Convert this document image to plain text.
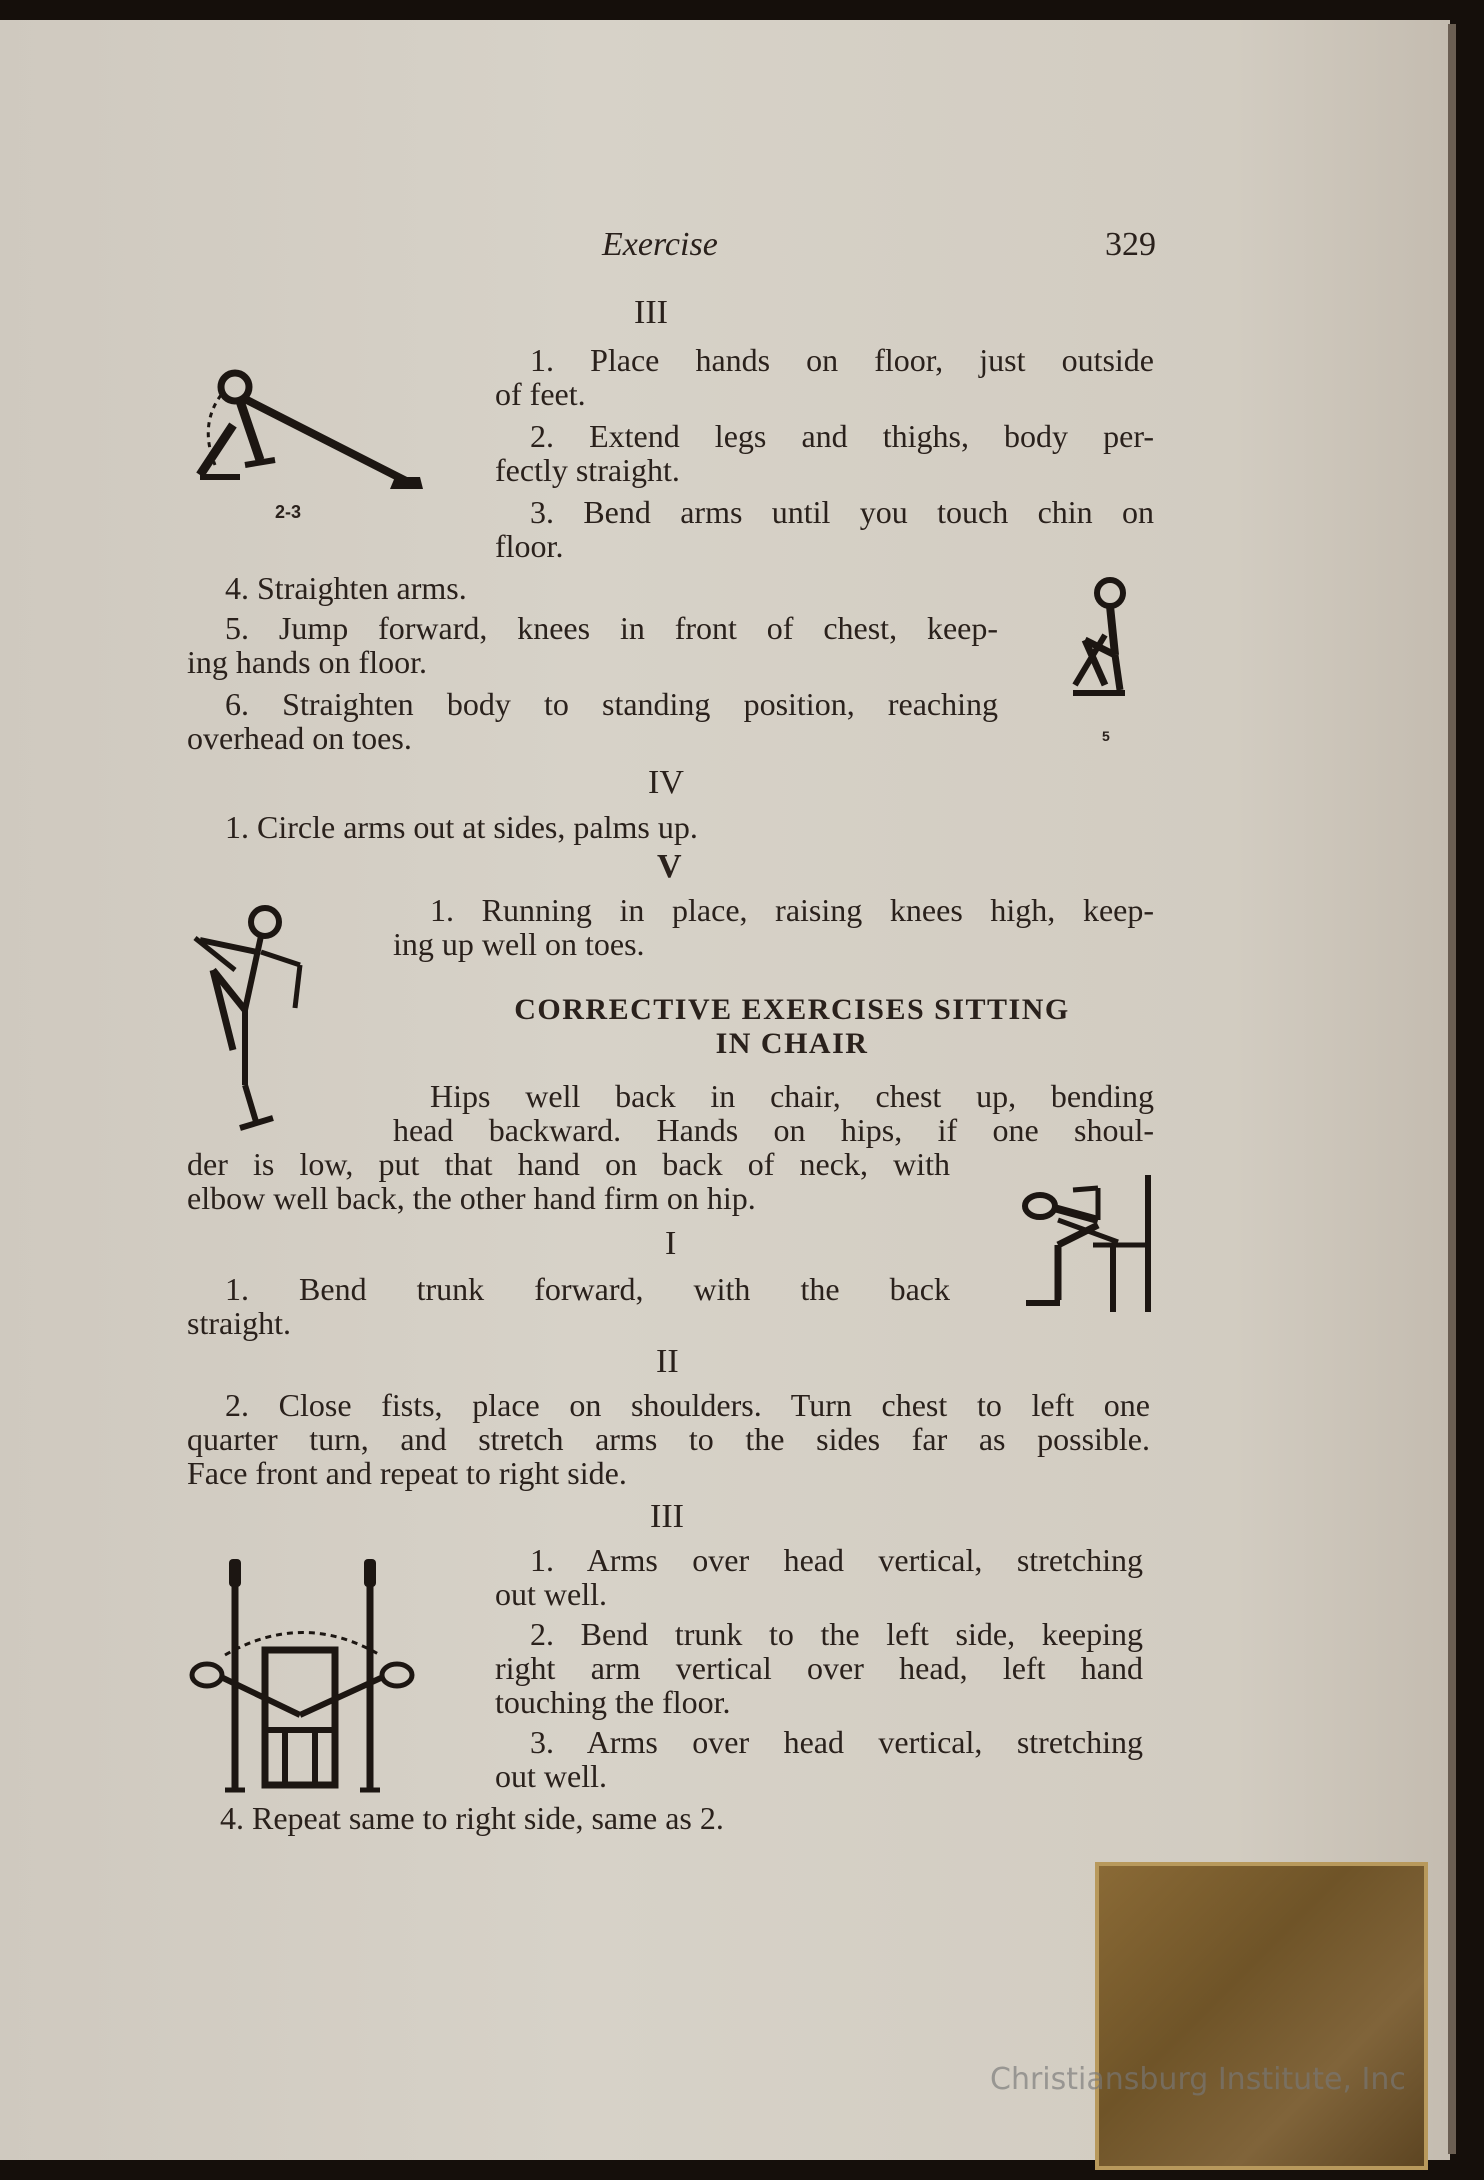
Exercise	329
III
2-3
1. Place hands on floor, just outside
of feet.
2. Extend legs and thighs, body per-
fectly straight.
3. Bend arms until you touch chin on
floor.
4. Straighten arms.
5. Jump forward, knees in front of chest, keep-
ing hands on floor.
6. Straighten body to standing position, reaching
overhead on toes.	5
IV
1. Circle arms out at sides, palms up.
V
1. Running in place, raising knees high, keep-
ing up well on toes.
CORRECTIVE EXERCISES SITTING
IN CHAIR
Hips well back in chair, chest up, bending
head backward. Hands on hips, if one shoul-
der is low, put that hand on back of neck, with
elbow well back, the other hand firm on hip.
I
1. Bend trunk forward, with the back
straight.
II
2. Close fists, place on shoulders. Turn chest to left one
quarter turn, and stretch arms to the sides far as possible.
Face front and repeat to right side.
III
1. Arms over head vertical, stretching
out well.
2. Bend trunk to the left side, keeping
right arm vertical over head, left hand
touching the floor.
3. Arms over head vertical, stretching
out well.
4. Repeat same to right side, same as 2.
Christiansburg Institute, Inc
